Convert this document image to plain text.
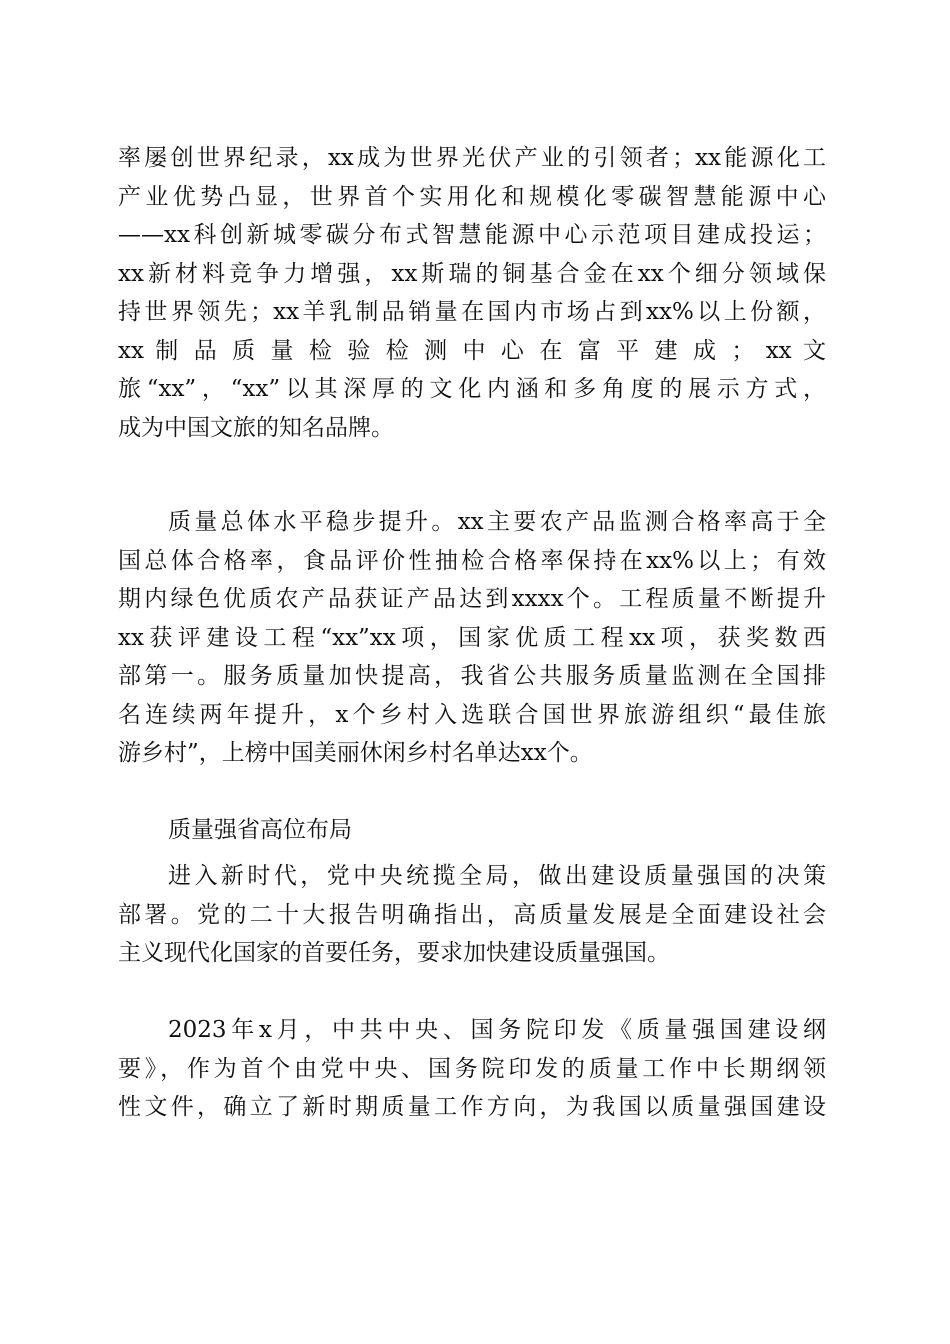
率屡创世界纪录，xx成为世界光伏产业的引领者；xx能源化工
产业优势凸显，世界首个实用化和规模化零碳智慧能源中心
——xx科创新城零碳分布式智慧能源中心示范项目建成投运；
xx新材料竞争力增强，xx斯瑞的铜基合金在xx个细分领域保
持世界领先；xx羊乳制品销量在国内市场占到xx%以上份额，
xx 制 品 质 量 检 验 检 测 中 心 在 富 平 建 成 ； xx 文
旅“xx”，“xx”以其深厚的文化内涵和多角度的展示方式，
成为中国文旅的知名品牌。
质量总体水平稳步提升。xx主要农产品监测合格率高于全
国总体合格率，食品评价性抽检合格率保持在xx%以上；有效
期内绿色优质农产品获证产品达到xxxx个。工程质量不断提升
xx获评建设工程“xx”xx项，国家优质工程xx项，获奖数西
部第一。服务质量加快提高，我省公共服务质量监测在全国排
名连续两年提升，x个乡村入选联合国世界旅游组织“最佳旅
游乡村”，上榜中国美丽休闲乡村名单达xx个。
质量强省高位布局
进入新时代，党中央统揽全局，做出建设质量强国的决策
部署。党的二十大报告明确指出，高质量发展是全面建设社会
主义现代化国家的首要任务，要求加快建设质量强国。
2023年x月，中共中央、国务院印发《质量强国建设纲
要》，作为首个由党中央、国务院印发的质量工作中长期纲领
性文件，确立了新时期质量工作方向，为我国以质量强国建设
